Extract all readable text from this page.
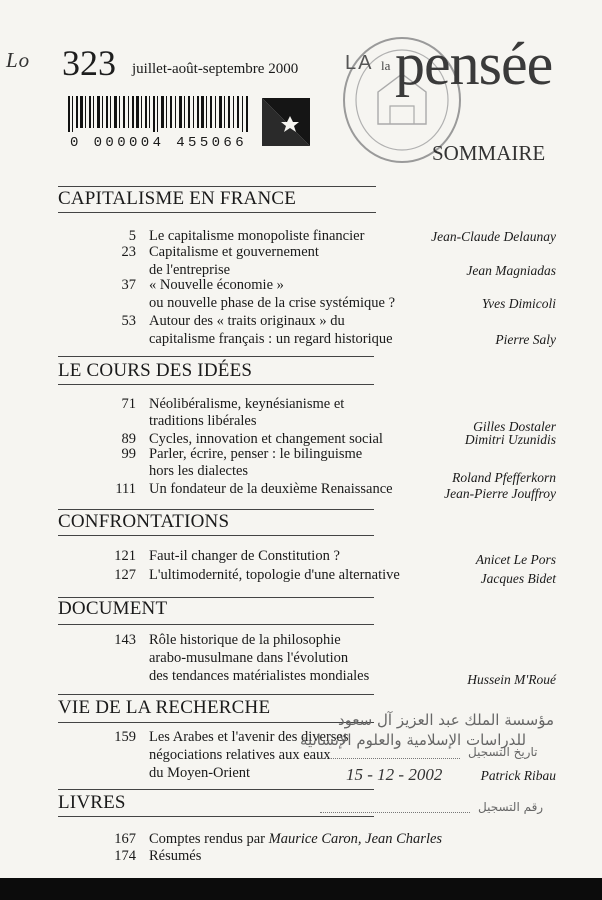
Lo 323 juillet-août-septembre 2000 LA la pensée
SOMMAIRE
0 000004 455066
CAPITALISME EN FRANCE
5 Le capitalisme monopoliste financier	Jean-Claude Delaunay
23 Capitalisme et gouvernement
de l'entreprise	Jean Magniadas
37 « Nouvelle économie »
ou nouvelle phase de la crise systémique ?	Yves Dimicoli
53 Autour des « traits originaux » du
capitalisme français : un regard historique	Pierre Saly
LE COURS DES IDÉES
71 Néolibéralisme, keynésianisme et
traditions libérales	Gilles Dostaler
89 Cycles, innovation et changement social	Dimitri Uzunidis
99 Parler, écrire, penser : le bilinguisme
hors les dialectes	Roland Pfefferkorn
111 Un fondateur de la deuxième Renaissance	Jean-Pierre Jouffroy
CONFRONTATIONS
121 Faut-il changer de Constitution ?	Anicet Le Pors
127 L'ultimodernité, topologie d'une alternative	Jacques Bidet
DOCUMENT
143 Rôle historique de la philosophie
arabo-musulmane dans l'évolution
des tendances matérialistes mondiales	Hussein M'Roué
VIE DE LA RECHERCHE
159 Les Arabes et l'avenir des diverses
négociations relatives aux eaux
du Moyen-Orient	Patrick Ribau
LIVRES
167 Comptes rendus par Maurice Caron, Jean Charles
174 Résumés
مؤسسة الملك عبد العزيز آل سعود
للدراسات الإسلامية والعلوم الإنسانية
تاريخ التسجيل
15 - 12 - 2002
رقم التسجيل
